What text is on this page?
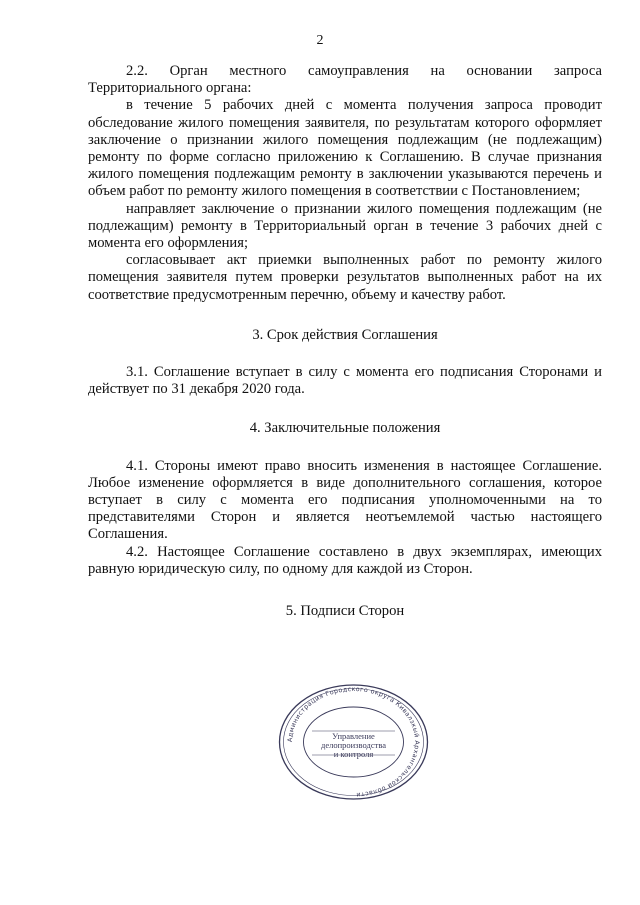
2

2.2. Орган местного самоуправления на основании запроса Территориального органа:

в течение 5 рабочих дней с момента получения запроса проводит обследование жилого помещения заявителя, по результатам которого оформляет заключение о признании жилого помещения подлежащим (не подлежащим) ремонту по форме согласно приложению к Соглашению. В случае признания жилого помещения подлежащим ремонту в заключении указываются перечень и объем работ по ремонту жилого помещения в соответствии с Постановлением;

направляет заключение о признании жилого помещения подлежащим (не подлежащим) ремонту в Территориальный орган в течение 3 рабочих дней с момента его оформления;

согласовывает акт приемки выполненных работ по ремонту жилого помещения заявителя путем проверки результатов выполненных работ на их соответствие предусмотренным перечню, объему и качеству работ.

3. Срок действия Соглашения

3.1. Соглашение вступает в силу с момента его подписания Сторонами и действует по 31 декабря 2020 года.

4. Заключительные положения

4.1. Стороны имеют право вносить изменения в настоящее Соглашение. Любое изменение оформляется в виде дополнительного соглашения, которое вступает в силу с момента его подписания уполномоченными на то представителями Сторон и является неотъемлемой частью настоящего Соглашения.

4.2. Настоящее Соглашение составлено в двух экземплярах, имеющих равную юридическую силу, по одному для каждой из Сторон.

5. Подписи Сторон
Администрация Городского округа Кивалзкый Архангельской области
Управление
делопроизводства
и контроля
